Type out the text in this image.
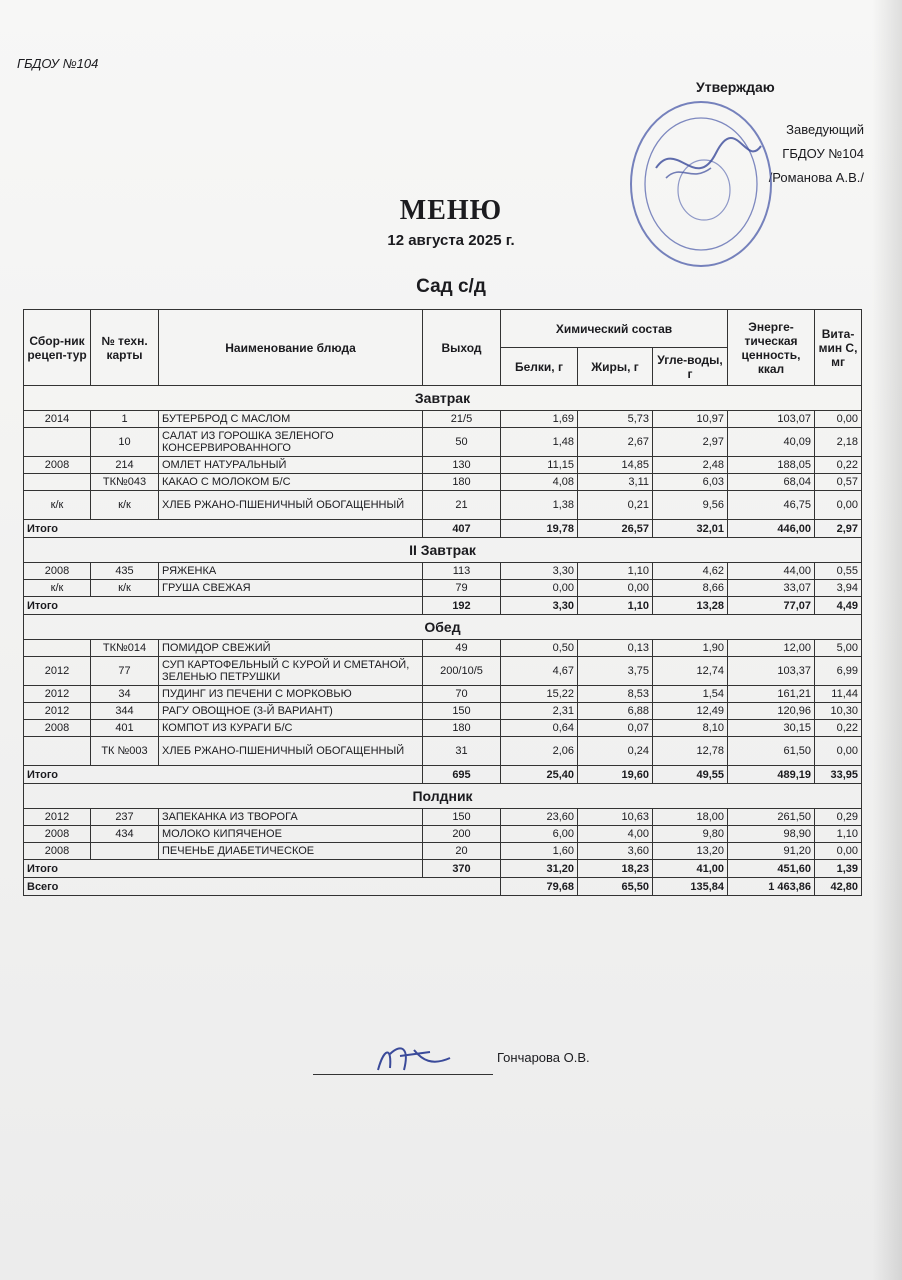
ГБДОУ №104
Утверждаю
Заведующий
ГБДОУ №104
/Романова А.В./
МЕНЮ
12 августа 2025 г.
Сад с/д
Сбор-ник рецеп-тур	№ техн. карты	Наименование блюда	Выход	Химический состав			Энерге-тическая ценность, ккал	Вита-мин С, мг
				Белки, г	Жиры, г	Угле-воды, г		
Завтрак								
2014	1	БУТЕРБРОД С МАСЛОМ	21/5	1,69	5,73	10,97	103,07	0,00
	10	САЛАТ ИЗ ГОРОШКА ЗЕЛЕНОГО КОНСЕРВИРОВАННОГО	50	1,48	2,67	2,97	40,09	2,18
2008	214	ОМЛЕТ НАТУРАЛЬНЫЙ	130	11,15	14,85	2,48	188,05	0,22
	ТК№043	КАКАО С МОЛОКОМ Б/С	180	4,08	3,11	6,03	68,04	0,57
к/к	к/к	ХЛЕБ РЖАНО-ПШЕНИЧНЫЙ ОБОГАЩЕННЫЙ	21	1,38	0,21	9,56	46,75	0,00
Итого			407	19,78	26,57	32,01	446,00	2,97
II Завтрак								
2008	435	РЯЖЕНКА	113	3,30	1,10	4,62	44,00	0,55
к/к	к/к	ГРУША СВЕЖАЯ	79	0,00	0,00	8,66	33,07	3,94
Итого			192	3,30	1,10	13,28	77,07	4,49
Обед								
	ТК№014	ПОМИДОР СВЕЖИЙ	49	0,50	0,13	1,90	12,00	5,00
2012	77	СУП КАРТОФЕЛЬНЫЙ С КУРОЙ И СМЕТАНОЙ, ЗЕЛЕНЬЮ ПЕТРУШКИ	200/10/5	4,67	3,75	12,74	103,37	6,99
2012	34	ПУДИНГ ИЗ ПЕЧЕНИ С МОРКОВЬЮ	70	15,22	8,53	1,54	161,21	11,44
2012	344	РАГУ ОВОЩНОЕ (3-Й ВАРИАНТ)	150	2,31	6,88	12,49	120,96	10,30
2008	401	КОМПОТ ИЗ КУРАГИ Б/С	180	0,64	0,07	8,10	30,15	0,22
	ТК №003	ХЛЕБ РЖАНО-ПШЕНИЧНЫЙ ОБОГАЩЕННЫЙ	31	2,06	0,24	12,78	61,50	0,00
Итого			695	25,40	19,60	49,55	489,19	33,95
Полдник								
2012	237	ЗАПЕКАНКА ИЗ ТВОРОГА	150	23,60	10,63	18,00	261,50	0,29
2008	434	МОЛОКО КИПЯЧЕНОЕ	200	6,00	4,00	9,80	98,90	1,10
2008		ПЕЧЕНЬЕ ДИАБЕТИЧЕСКОЕ	20	1,60	3,60	13,20	91,20	0,00
Итого			370	31,20	18,23	41,00	451,60	1,39
Всего				79,68	65,50	135,84	1 463,86	42,80
Гончарова О.В.
